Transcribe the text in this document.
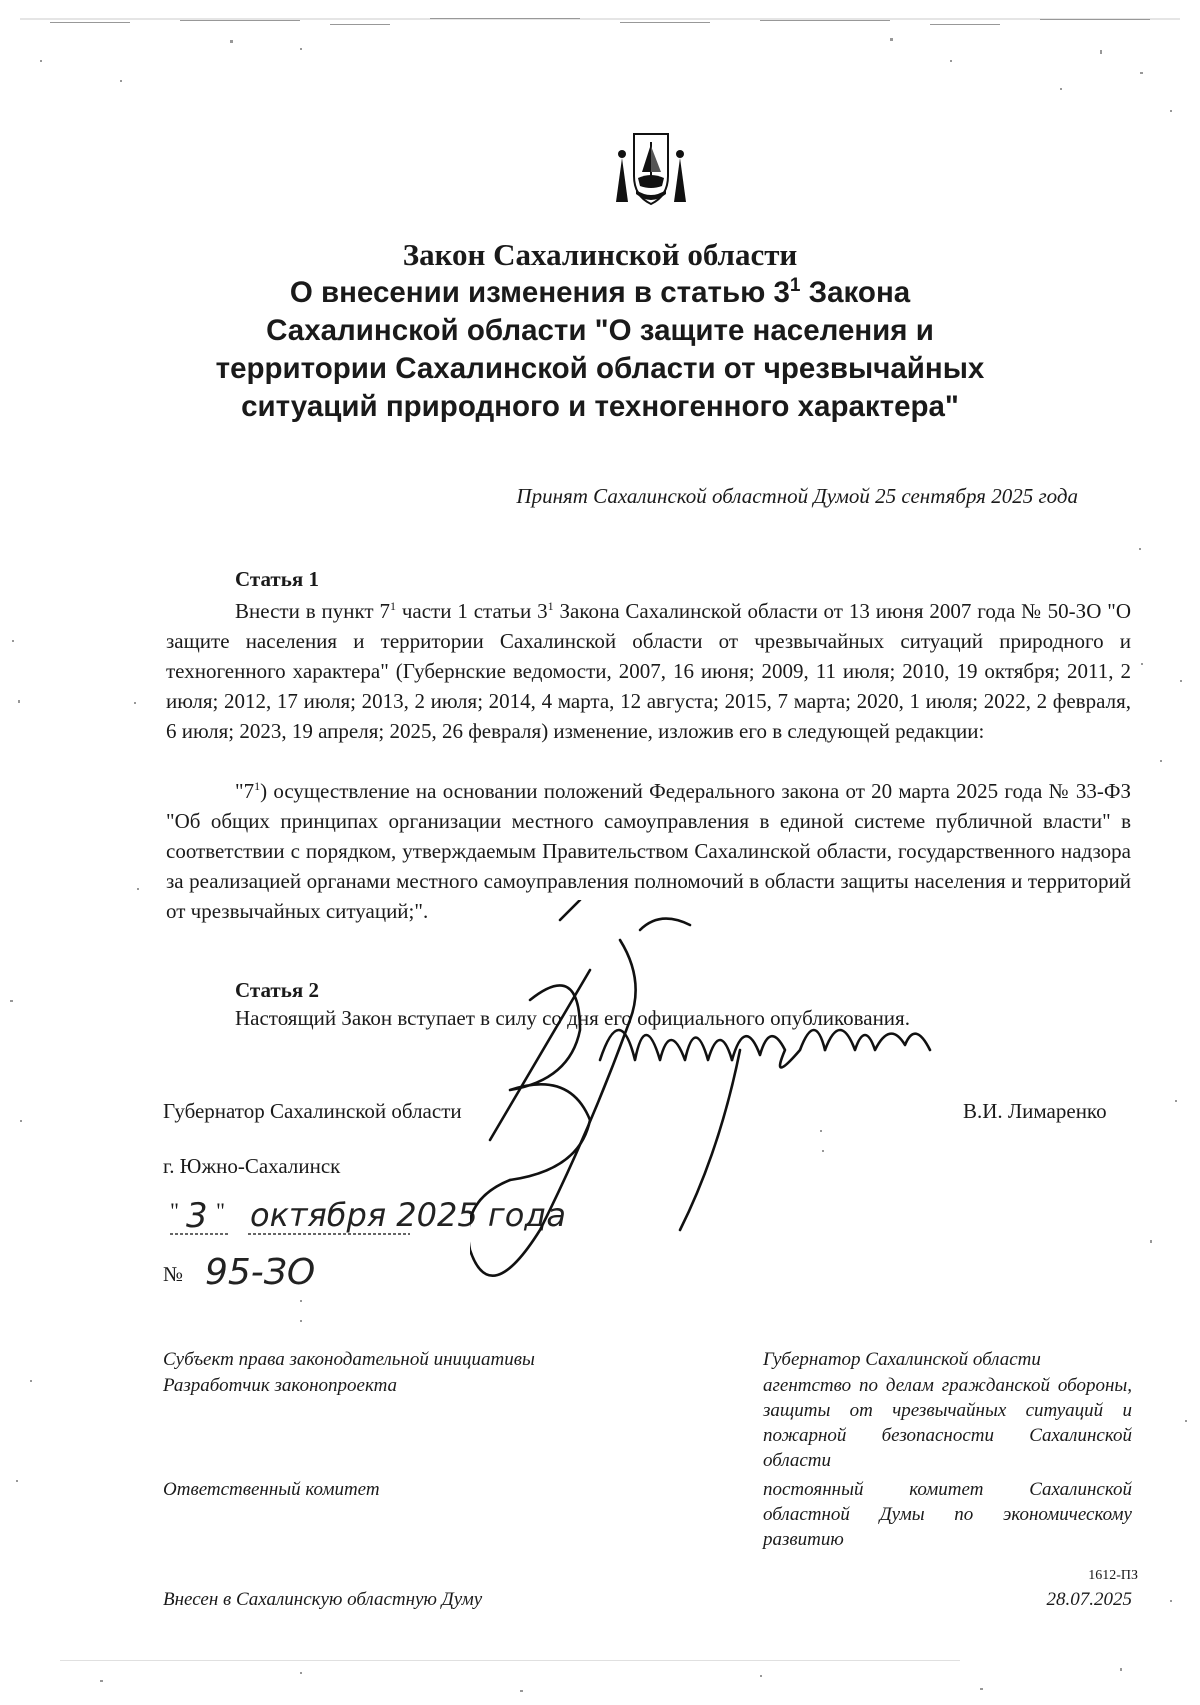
Закон Сахалинской области

О внесении изменения в статью $3^1$ Закона

Сахалинской области "О защите населения и

территории Сахалинской области от чрезвычайных

ситуаций природного и техногенного характера"

Принят Сахалинской областной Думой 25 сентября 2025 года
Статья 1

Внести в пункт $7^1$ части 1 статьи $3^1$ Закона Сахалинской области от 13 июня 2007 года № 50-ЗО "О защите населения и территории Сахалинской области от чрезвычайных ситуаций природного и техногенного характера" (Губернские ведомости, 2007, 16 июня; 2009, 11 июля; 2010, 19 октября; 2011, 2 июля; 2012, 17 июля; 2013, 2 июля; 2014, 4 марта, 12 августа; 2015, 7 марта; 2020, 1 июля; 2022, 2 февраля, 6 июля; 2023, 19 апреля; 2025, 26 февраля) изменение, изложив его в следующей редакции:

"$7^1$) осуществление на основании положений Федерального закона от 20 марта 2025 года № 33-ФЗ "Об общих принципах организации местного самоуправления в единой системе публичной власти" в соответствии с порядком, утверждаемым Правительством Сахалинской области, государственного надзора за реализацией органами местного самоуправления полномочий в области защиты населения и территорий от чрезвычайных ситуаций;".

Статья 2
Настоящий Закон вступает в силу со дня его официального опубликования.
Губернатор Сахалинской области	В.И. Лимаренко
г. Южно-Сахалинск
" 3 " октября 2025 года
№ 95-ЗО
Субъект права законодательной инициативы
Разработчик законопроекта
Ответственный комитет
Внесен в Сахалинскую областную Думу
Губернатор Сахалинской области
агентство по делам гражданской обороны, защиты от чрезвычайных ситуаций и пожарной безопасности Сахалинской области
постоянный комитет Сахалинской областной Думы по экономическому развитию
28.07.2025
1612-ПЗ
